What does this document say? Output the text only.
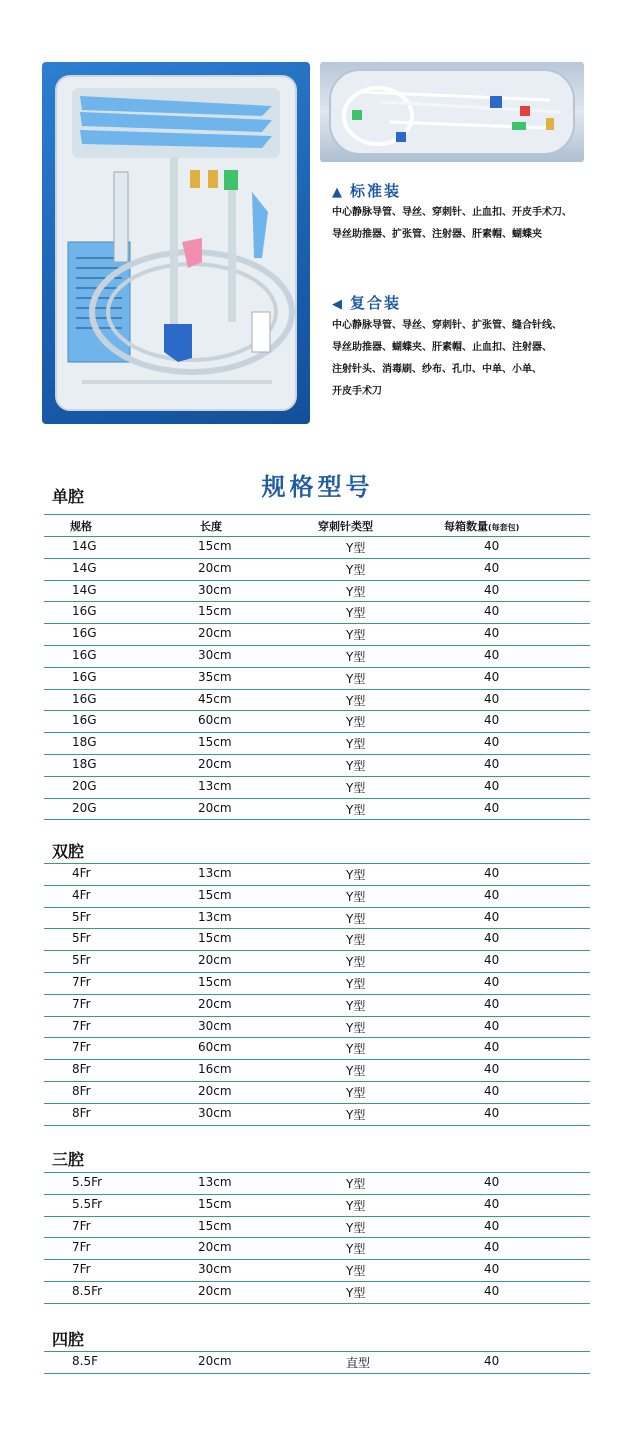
▲ 标准装
中心静脉导管、导丝、穿刺针、止血扣、开皮手术刀、
导丝助推器、扩张管、注射器、肝素帽、蝴蝶夹
◀ 复合装
中心静脉导管、导丝、穿刺针、扩张管、缝合针线、
导丝助推器、蝴蝶夹、肝素帽、止血扣、注射器、
注射针头、消毒刷、纱布、孔巾、中单、小单、
开皮手术刀
规格型号
规格	长度	穿刺针类型	每箱数量(每套包)
单腔
14G	15cm	Y型	40
14G	20cm	Y型	40
14G	30cm	Y型	40
16G	15cm	Y型	40
16G	20cm	Y型	40
16G	30cm	Y型	40
16G	35cm	Y型	40
16G	45cm	Y型	40
16G	60cm	Y型	40
18G	15cm	Y型	40
18G	20cm	Y型	40
20G	13cm	Y型	40
20G	20cm	Y型	40
双腔
4Fr	13cm	Y型	40
4Fr	15cm	Y型	40
5Fr	13cm	Y型	40
5Fr	15cm	Y型	40
5Fr	20cm	Y型	40
7Fr	15cm	Y型	40
7Fr	20cm	Y型	40
7Fr	30cm	Y型	40
7Fr	60cm	Y型	40
8Fr	16cm	Y型	40
8Fr	20cm	Y型	40
8Fr	30cm	Y型	40
三腔
5.5Fr	13cm	Y型	40
5.5Fr	15cm	Y型	40
7Fr	15cm	Y型	40
7Fr	20cm	Y型	40
7Fr	30cm	Y型	40
8.5Fr	20cm	Y型	40
四腔
8.5F	20cm	直型	40
